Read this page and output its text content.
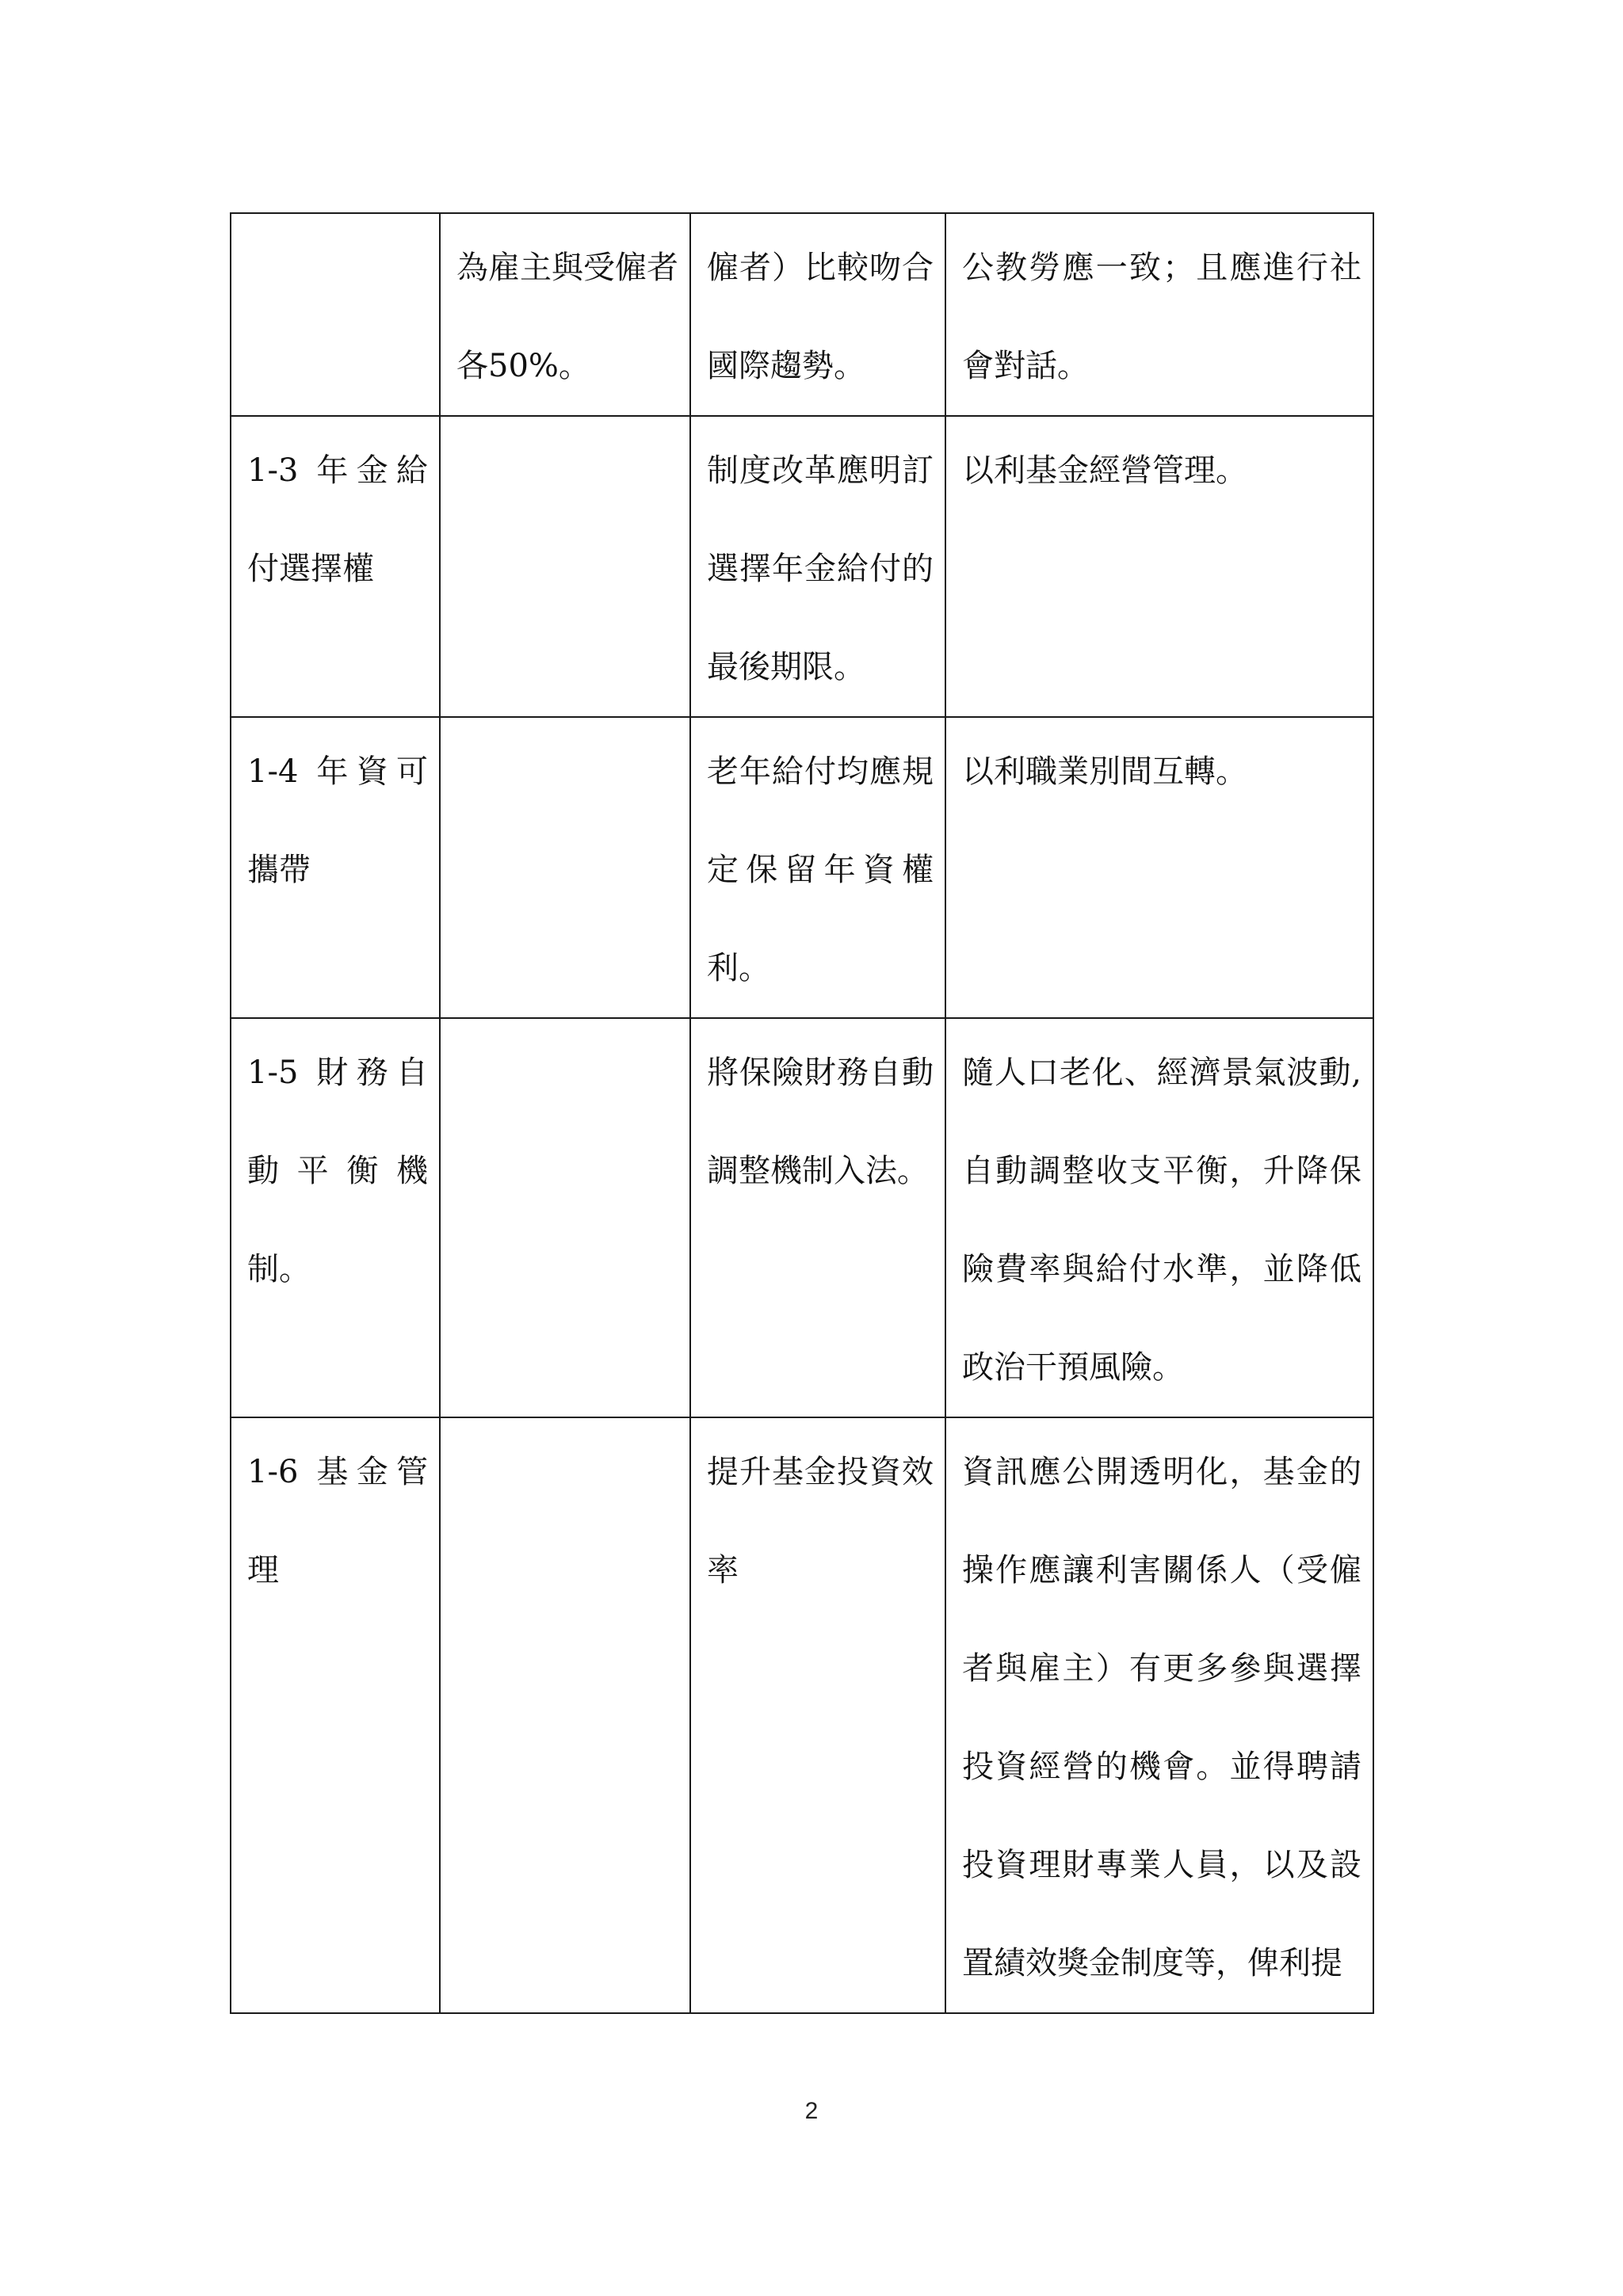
	為雇主與受僱者各50%。	僱者）比較吻合國際趨勢。	公教勞應一致；且應進行社會對話。
1-3 年金給付選擇權		制度改革應明訂選擇年金給付的最後期限。	以利基金經營管理。
1-4 年資可攜帶		老年給付均應規定保留年資權利。	以利職業別間互轉。
1-5 財務自動平衡機制。		將保險財務自動調整機制入法。	隨人口老化、經濟景氣波動,自動調整收支平衡，升降保險費率與給付水準，並降低政治干預風險。
1-6 基金管理		提升基金投資效率	資訊應公開透明化，基金的操作應讓利害關係人（受僱者與雇主）有更多參與選擇投資經營的機會。並得聘請投資理財專業人員，以及設置績效獎金制度等，俾利提
2
